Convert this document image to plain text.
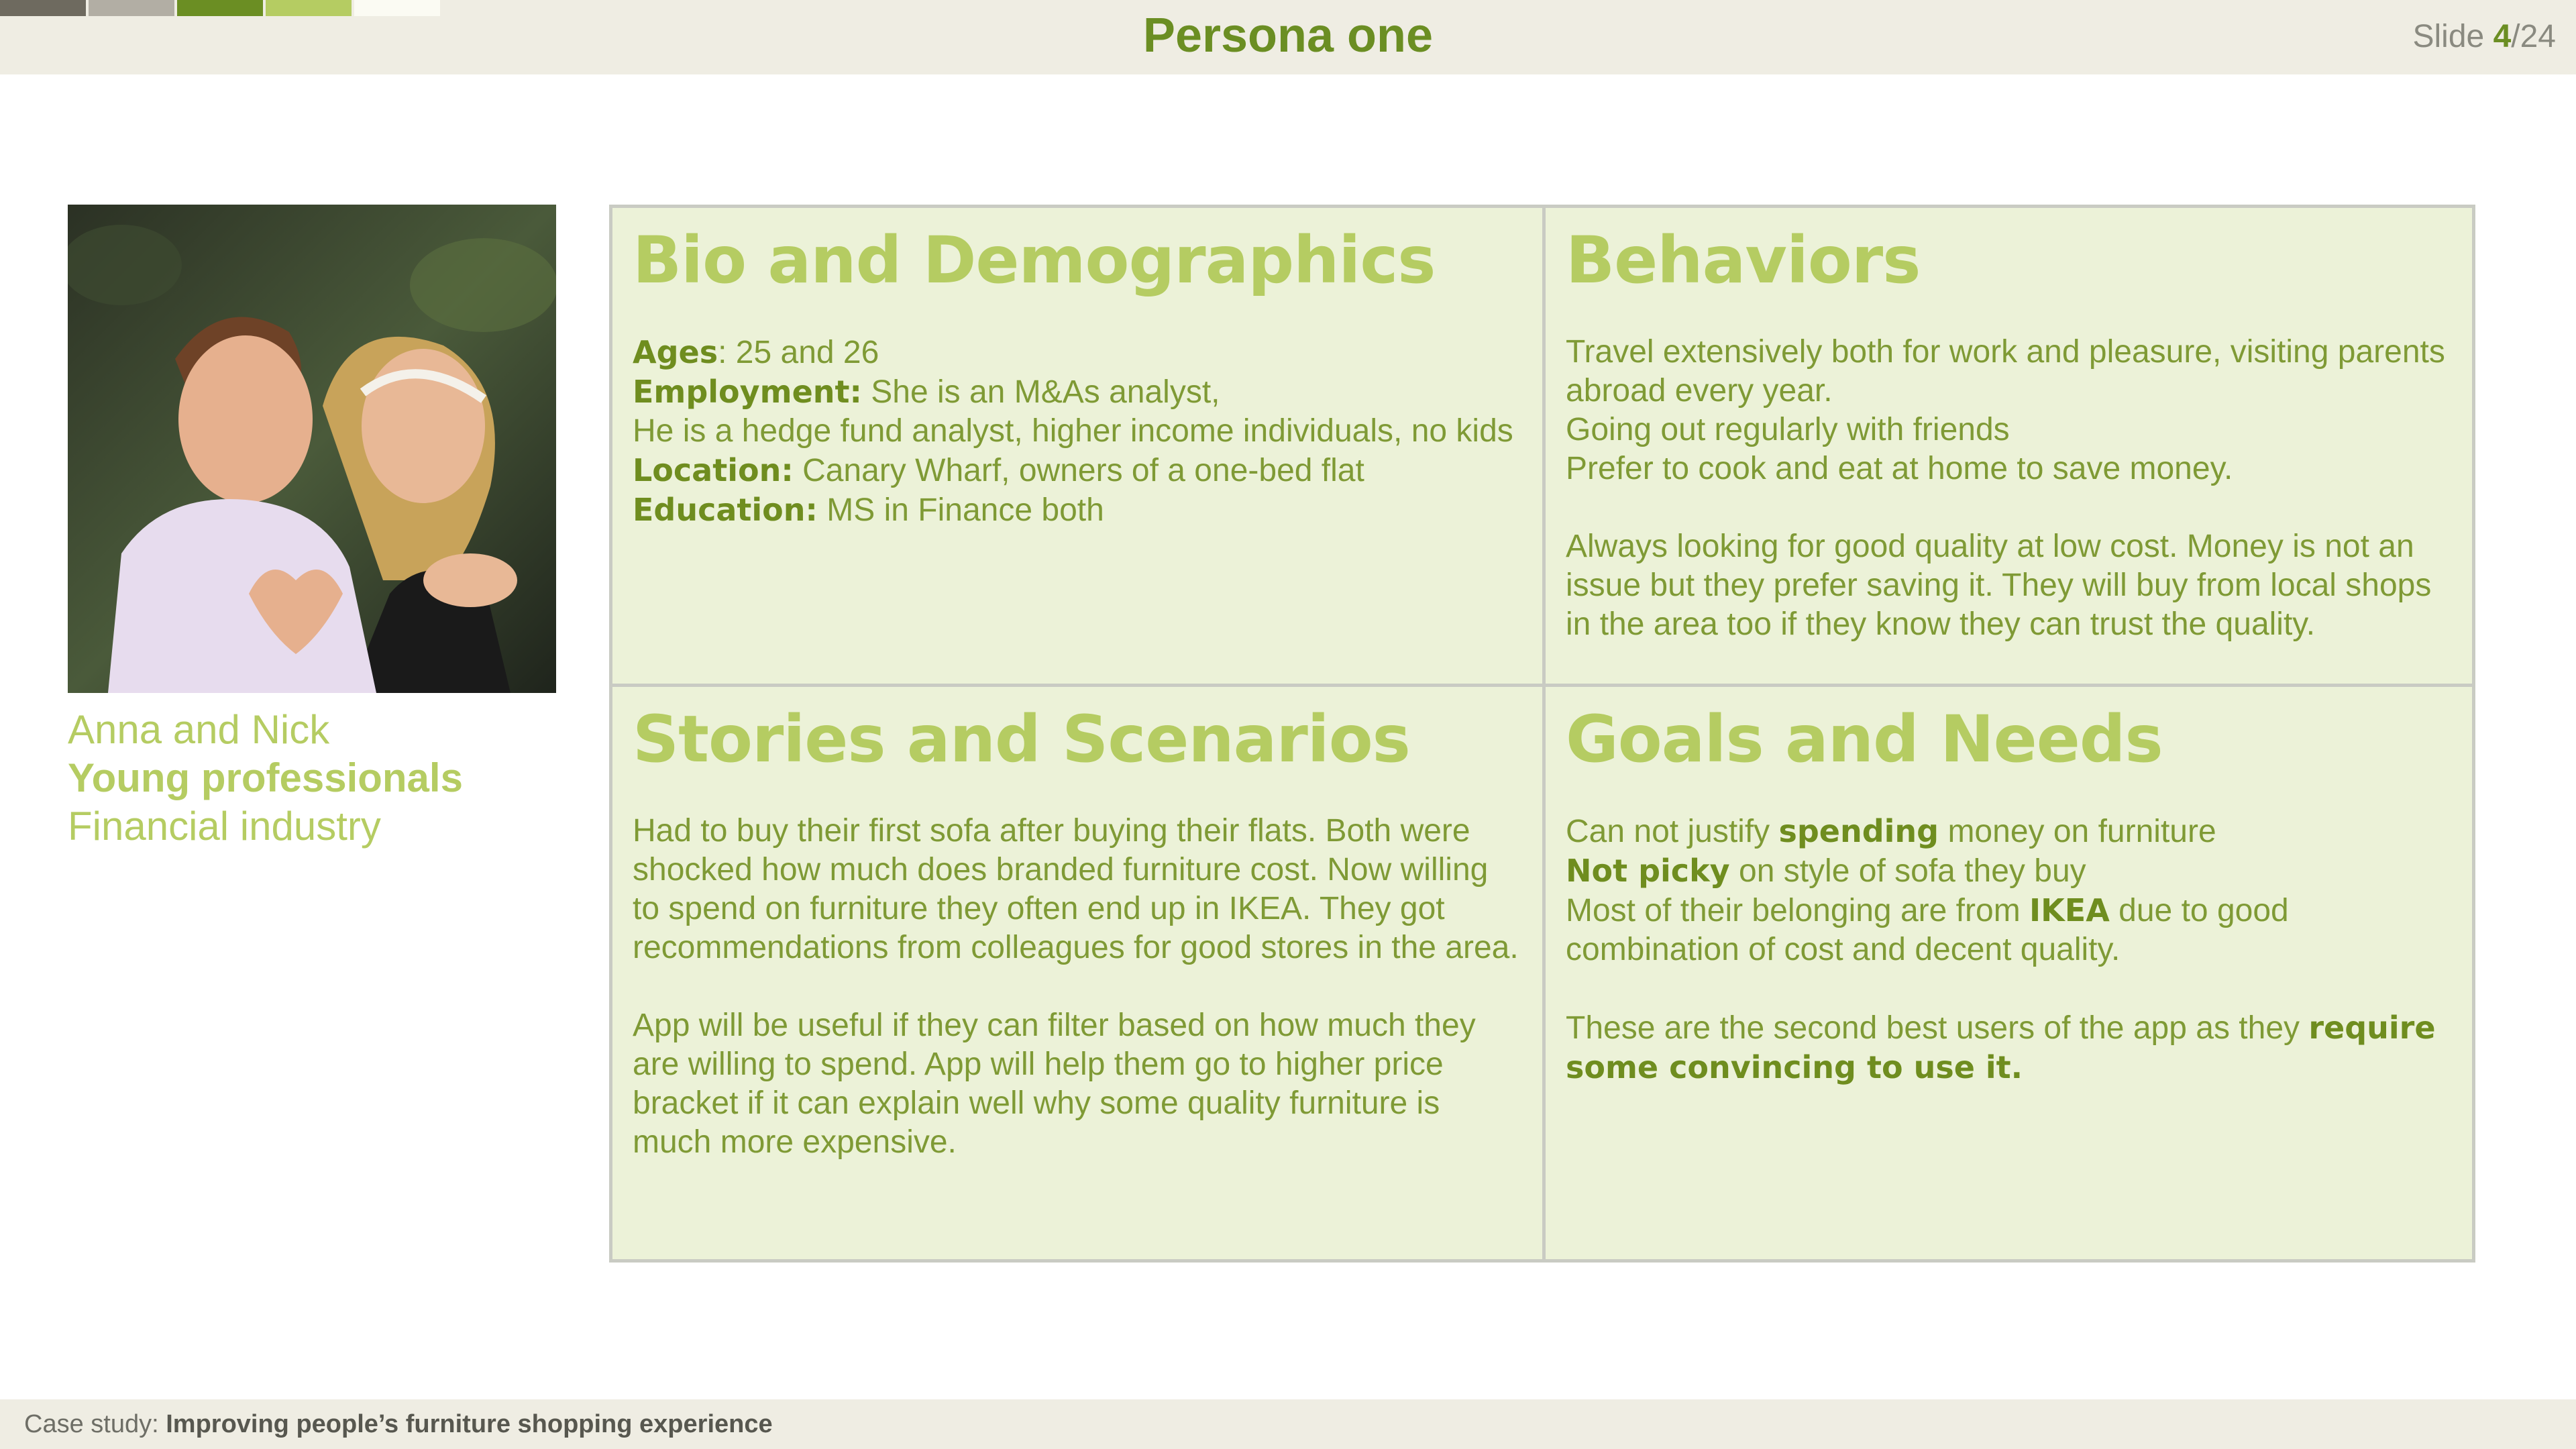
Persona one	Slide 4/24
Anna and Nick
Young professionals
Financial industry
Bio and Demographics

Ages: 25 and 26
Employment: She is an M&As analyst,
He is a hedge fund analyst, higher income individuals, no kids
Location: Canary Wharf, owners of a one-bed flat
Education: MS in Finance both

Behaviors

Travel extensively both for work and pleasure, visiting parents abroad every year.
Going out regularly with friends
Prefer to cook and eat at home to save money.

Always looking for good quality at low cost. Money is not an issue but they prefer saving it. They will buy from local shops in the area too if they know they can trust the quality.

Stories and Scenarios

Had to buy their first sofa after buying their flats. Both were shocked how much does branded furniture cost. Now willing to spend on furniture they often end up in IKEA. They got recommendations from colleagues for good stores in the area.

App will be useful if they can filter based on how much they are willing to spend. App will help them go to higher price bracket if it can explain well why some quality furniture is much more expensive.

Goals and Needs

Can not justify spending money on furniture
Not picky on style of sofa they buy
Most of their belonging are from IKEA due to good combination of cost and decent quality.

These are the second best users of the app as they require some convincing to use it.

Case study: Improving people’s furniture shopping experience
